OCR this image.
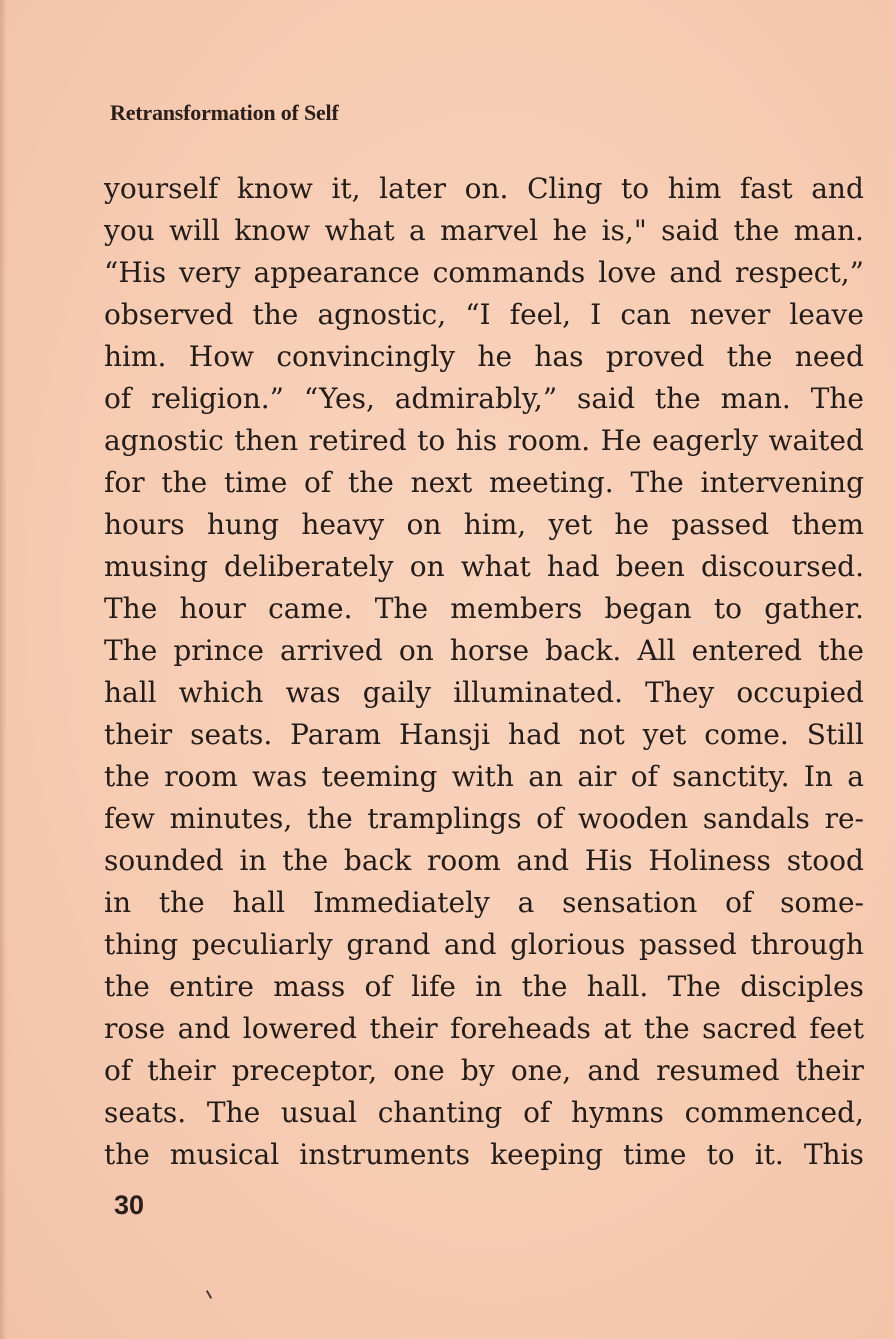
Retransformation of Self
yourself know it, later on. Cling to him fast and
you will know what a marvel he is," said the man.
“His very appearance commands love and respect,”
observed the agnostic, “I feel, I can never leave
him. How convincingly he has proved the need
of religion.” “Yes, admirably,” said the man. The
agnostic then retired to his room. He eagerly waited
for the time of the next meeting. The intervening
hours hung heavy on him, yet he passed them
musing deliberately on what had been discoursed.
The hour came. The members began to gather.
The prince arrived on horse back. All entered the
hall which was gaily illuminated. They occupied
their seats. Param Hansji had not yet come. Still
the room was teeming with an air of sanctity. In a
few minutes, the tramplings of wooden sandals re-
sounded in the back room and His Holiness stood
in the hall Immediately a sensation of some-
thing peculiarly grand and glorious passed through
the entire mass of life in the hall. The disciples
rose and lowered their foreheads at the sacred feet
of their preceptor, one by one, and resumed their
seats. The usual chanting of hymns commenced,
the musical instruments keeping time to it. This
30
